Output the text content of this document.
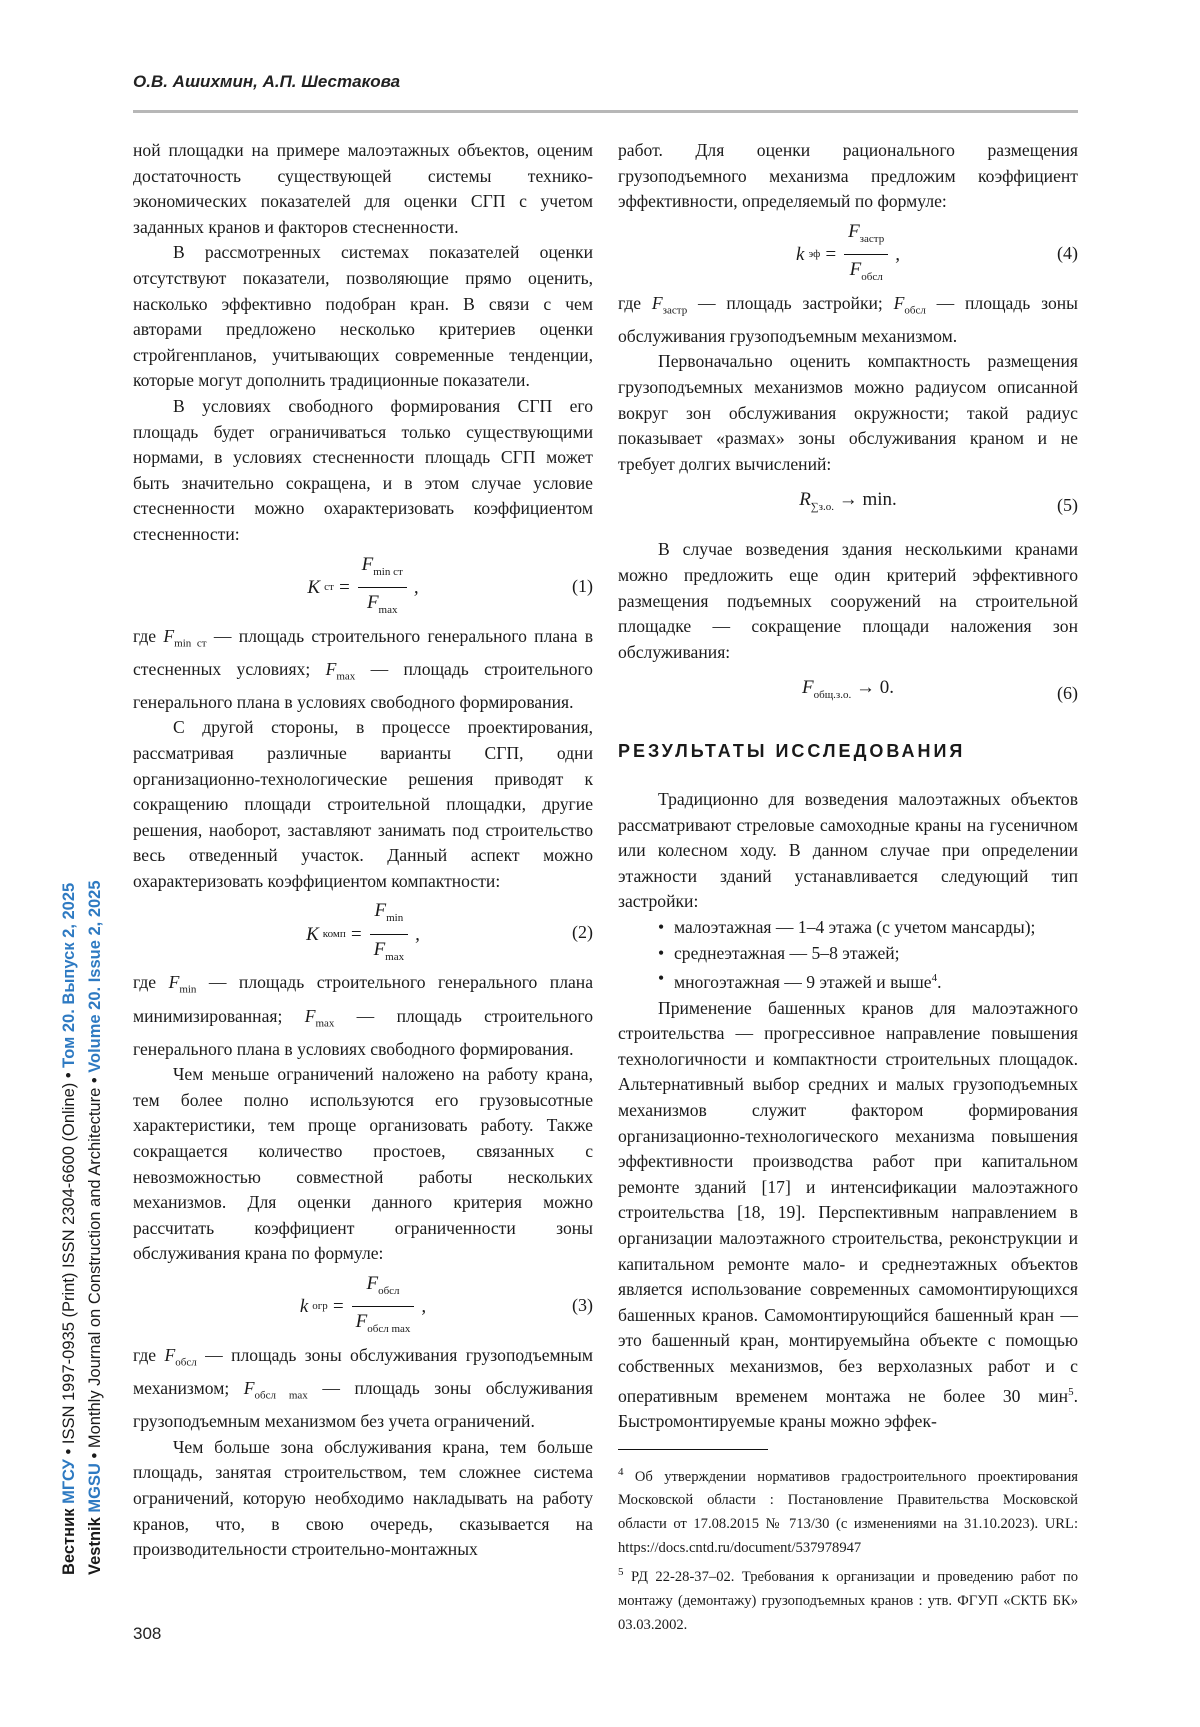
О.В. Ашихмин, А.П. Шестакова
Вестник МГСУ • ISSN 1997-0935 (Print) ISSN 2304-6600 (Online) • Том 20. Выпуск 2, 2025
Vestnik MGSU • Monthly Journal on Construction and Architecture • Volume 20. Issue 2, 2025

ной площадки на примере малоэтажных объектов, оценим достаточность существующей системы технико-экономических показателей для оценки СГП с учетом заданных кранов и факторов стесненности.

В рассмотренных системах показателей оценки отсутствуют показатели, позволяющие прямо оценить, насколько эффективно подобран кран. В связи с чем авторами предложено несколько критериев оценки стройгенпланов, учитывающих современные тенденции, которые могут дополнить традиционные показатели.

В условиях свободного формирования СГП его площадь будет ограничиваться только существующими нормами, в условиях стесненности площадь СГП может быть значительно сокращена, и в этом случае условие стесненности можно охарактеризовать коэффициентом стесненности:

K ст = $\frac{F_{min ст}}{F_{max}}$ ,	(1)

где $F_{min ст}$ — площадь строительного генерального плана в стесненных условиях; $F_{max}$ — площадь строительного генерального плана в условиях свободного формирования.

С другой стороны, в процессе проектирования, рассматривая различные варианты СГП, одни организационно-технологические решения приводят к сокращению площади строительной площадки, другие решения, наоборот, заставляют занимать под строительство весь отведенный участок. Данный аспект можно охарактеризовать коэффициентом компактности:

K комп = $\frac{F_{min}}{F_{max}}$ ,	(2)

где $F_{min}$ — площадь строительного генерального плана минимизированная; $F_{max}$ — площадь строительного генерального плана в условиях свободного формирования.

Чем меньше ограничений наложено на работу крана, тем более полно используются его грузовысотные характеристики, тем проще организовать работу. Также сокращается количество простоев, связанных с невозможностью совместной работы нескольких механизмов. Для оценки данного критерия можно рассчитать коэффициент ограниченности зоны обслуживания крана по формуле:

k огр = $\frac{F_{обсл}}{F_{обсл max}}$ ,	(3)

где $F_{обсл}$ — площадь зоны обслуживания грузоподъемным механизмом; $F_{обсл max}$ — площадь зоны обслуживания грузоподъемным механизмом без учета ограничений.

Чем больше зона обслуживания крана, тем больше площадь, занятая строительством, тем сложнее система ограничений, которую необходимо накладывать на работу кранов, что, в свою очередь, сказывается на производительности строительно-монтажных

работ. Для оценки рационального размещения грузоподъемного механизма предложим коэффициент эффективности, определяемый по формуле:

k эф = $\frac{F_{застр}}{F_{обсл}}$ ,	(4)

где $F_{застр}$ — площадь застройки; $F_{обсл}$ — площадь зоны обслуживания грузоподъемным механизмом.

Первоначально оценить компактность размещения грузоподъемных механизмов можно радиусом описанной вокруг зон обслуживания окружности; такой радиус показывает «размах» зоны обслуживания краном и не требует долгих вычислений:

$R_{\sum з.о.} \to \min$.	(5)

В случае возведения здания несколькими кранами можно предложить еще один критерий эффективного размещения подъемных сооружений на строительной площадке — сокращение площади наложения зон обслуживания:

$F_{общ.з.о.} \to 0$.	(6)
РЕЗУЛЬТАТЫ ИССЛЕДОВАНИЯ

Традиционно для возведения малоэтажных объектов рассматривают стреловые самоходные краны на гусеничном или колесном ходу. В данном случае при определении этажности зданий устанавливается следующий тип застройки:

• малоэтажная — 1–4 этажа (с учетом мансарды);
• среднеэтажная — 5–8 этажей;
• многоэтажная — 9 этажей и выше$^4$.

Применение башенных кранов для малоэтажного строительства — прогрессивное направление повышения технологичности и компактности строительных площадок. Альтернативный выбор средних и малых грузоподъемных механизмов служит фактором формирования организационно-технологического механизма повышения эффективности производства работ при капитальном ремонте зданий [17] и интенсификации малоэтажного строительства [18, 19]. Перспективным направлением в организации малоэтажного строительства, реконструкции и капитальном ремонте мало- и среднеэтажных объектов является использование современных самомонтирующихся башенных кранов. Самомонтирующийся башенный кран — это башенный кран, монтируемыйна объекте с помощью собственных механизмов, без верхолазных работ и с оперативным временем монтажа не более 30 мин$^5$. Быстромонтируемые краны можно эффек-

$^4$ Об утверждении нормативов градостроительного проектирования Московской области : Постановление Правительства Московской области от 17.08.2015 № 713/30 (с изменениями на 31.10.2023). URL: https://docs.cntd.ru/document/537978947

$^5$ РД 22-28-37–02. Требования к организации и проведению работ по монтажу (демонтажу) грузоподъемных кранов : утв. ФГУП «СКТБ БК» 03.03.2002.

308
